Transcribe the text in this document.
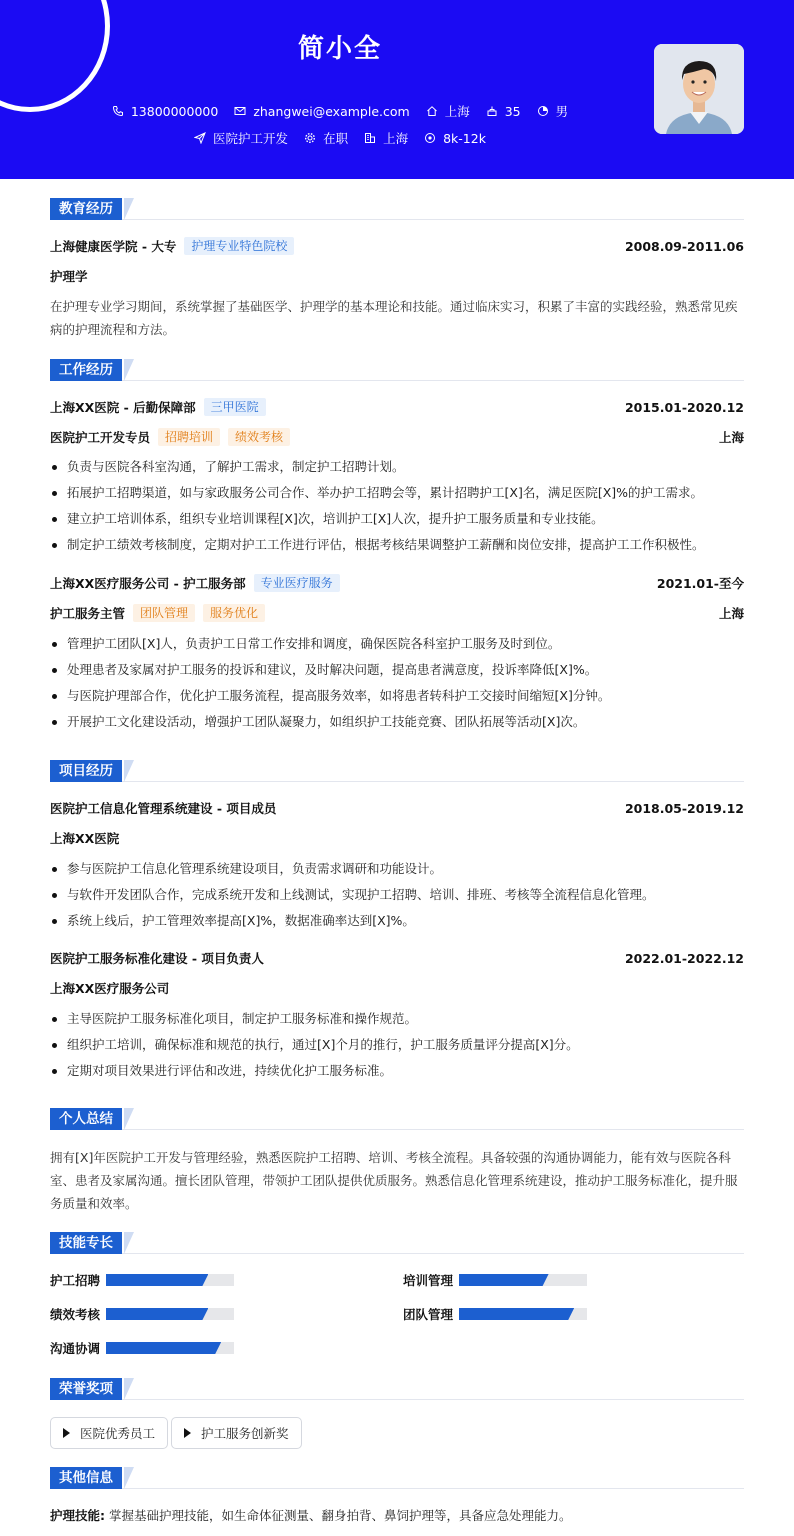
简小全
13800000000	zhangwei@example.com	上海	35	男
医院护工开发	在职	上海	8k-12k
教育经历
上海健康医学院 - 大专	护理专业特色院校	2008.09-2011.06
护理学
在护理专业学习期间，系统掌握了基础医学、护理学的基本理论和技能。通过临床实习，积累了丰富的实践经验，熟悉常见疾病的护理流程和方法。
工作经历
上海XX医院 - 后勤保障部	三甲医院	2015.01-2020.12
医院护工开发专员	招聘培训	绩效考核	上海
负责与医院各科室沟通，了解护工需求，制定护工招聘计划。
拓展护工招聘渠道，如与家政服务公司合作、举办护工招聘会等，累计招聘护工[X]名，满足医院[X]%的护工需求。
建立护工培训体系，组织专业培训课程[X]次，培训护工[X]人次，提升护工服务质量和专业技能。
制定护工绩效考核制度，定期对护工工作进行评估，根据考核结果调整护工薪酬和岗位安排，提高护工工作积极性。
上海XX医疗服务公司 - 护工服务部	专业医疗服务	2021.01-至今
护工服务主管	团队管理	服务优化	上海
管理护工团队[X]人，负责护工日常工作安排和调度，确保医院各科室护工服务及时到位。
处理患者及家属对护工服务的投诉和建议，及时解决问题，提高患者满意度，投诉率降低[X]%。
与医院护理部合作，优化护工服务流程，提高服务效率，如将患者转科护工交接时间缩短[X]分钟。
开展护工文化建设活动，增强护工团队凝聚力，如组织护工技能竞赛、团队拓展等活动[X]次。
项目经历
医院护工信息化管理系统建设 - 项目成员	2018.05-2019.12
上海XX医院
参与医院护工信息化管理系统建设项目，负责需求调研和功能设计。
与软件开发团队合作，完成系统开发和上线测试，实现护工招聘、培训、排班、考核等全流程信息化管理。
系统上线后，护工管理效率提高[X]%，数据准确率达到[X]%。
医院护工服务标准化建设 - 项目负责人	2022.01-2022.12
上海XX医疗服务公司
主导医院护工服务标准化项目，制定护工服务标准和操作规范。
组织护工培训，确保标准和规范的执行，通过[X]个月的推行，护工服务质量评分提高[X]分。
定期对项目效果进行评估和改进，持续优化护工服务标准。
个人总结
拥有[X]年医院护工开发与管理经验，熟悉医院护工招聘、培训、考核全流程。具备较强的沟通协调能力，能有效与医院各科室、患者及家属沟通。擅长团队管理，带领护工团队提供优质服务。熟悉信息化管理系统建设，推动护工服务标准化，提升服务质量和效率。
技能专长
护工招聘	培训管理
绩效考核	团队管理
沟通协调
荣誉奖项
医院优秀员工	护工服务创新奖
其他信息
护理技能: 掌握基础护理技能，如生命体征测量、翻身拍背、鼻饲护理等，具备应急处理能力。
